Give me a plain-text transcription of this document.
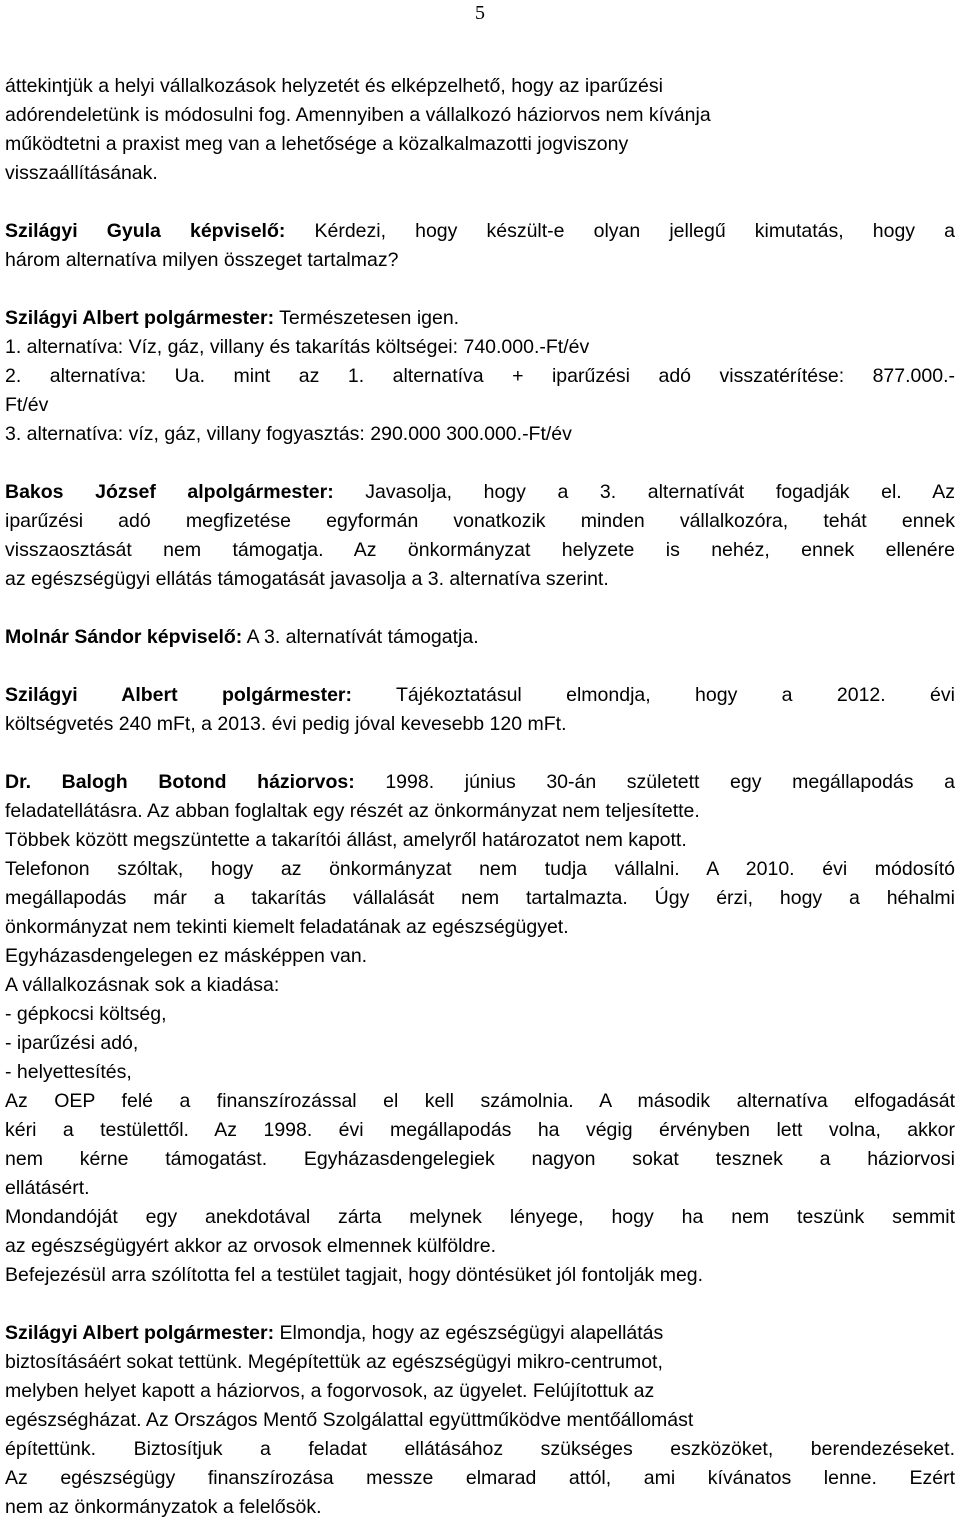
5
áttekintjük a helyi vállalkozások helyzetét és elképzelhető, hogy az iparűzési
adórendeletünk is módosulni fog. Amennyiben a vállalkozó háziorvos nem kívánja
működtetni a praxist meg van a lehetősége a közalkalmazotti jogviszony
visszaállításának.
Szilágyi Gyula képviselő: Kérdezi, hogy készült-e olyan jellegű kimutatás, hogy a
három alternatíva milyen összeget tartalmaz?
Szilágyi Albert polgármester: Természetesen igen.
1. alternatíva: Víz, gáz, villany és takarítás költségei: 740.000.-Ft/év
2. alternatíva: Ua. mint az 1. alternatíva + iparűzési adó visszatérítése: 877.000.-
Ft/év
3. alternatíva: víz, gáz, villany fogyasztás: 290.000 300.000.-Ft/év
Bakos József alpolgármester: Javasolja, hogy a 3. alternatívát fogadják el. Az
iparűzési adó megfizetése egyformán vonatkozik minden vállalkozóra, tehát ennek
visszaosztását nem támogatja. Az önkormányzat helyzete is nehéz, ennek ellenére
az egészségügyi ellátás támogatását javasolja a 3. alternatíva szerint.
Molnár Sándor képviselő: A 3. alternatívát támogatja.
Szilágyi Albert polgármester: Tájékoztatásul elmondja, hogy a 2012. évi
költségvetés 240 mFt, a 2013. évi pedig jóval kevesebb 120 mFt.
Dr. Balogh Botond háziorvos: 1998. június 30-án született egy megállapodás a
feladatellátásra. Az abban foglaltak egy részét az önkormányzat nem teljesítette.
Többek között megszüntette a takarítói állást, amelyről határozatot nem kapott.
Telefonon szóltak, hogy az önkormányzat nem tudja vállalni. A 2010. évi módosító
megállapodás már a takarítás vállalását nem tartalmazta. Úgy érzi, hogy a héhalmi
önkormányzat nem tekinti kiemelt feladatának az egészségügyet.
Egyházasdengelegen ez másképpen van.
A vállalkozásnak sok a kiadása:
- gépkocsi költség,
- iparűzési adó,
- helyettesítés,
Az OEP felé a finanszírozással el kell számolnia. A második alternatíva elfogadását
kéri a testülettől. Az 1998. évi megállapodás ha végig érvényben lett volna, akkor
nem kérne támogatást. Egyházasdengelegiek nagyon sokat tesznek a háziorvosi
ellátásért.
Mondandóját egy anekdotával zárta melynek lényege, hogy ha nem teszünk semmit
az egészségügyért akkor az orvosok elmennek külföldre.
Befejezésül arra szólította fel a testület tagjait, hogy döntésüket jól fontolják meg.
Szilágyi Albert polgármester: Elmondja, hogy az egészségügyi alapellátás
biztosításáért sokat tettünk. Megépítettük az egészségügyi mikro-centrumot,
melyben helyet kapott a háziorvos, a fogorvosok, az ügyelet. Felújítottuk az
egészségházat. Az Országos Mentő Szolgálattal együttműködve mentőállomást
építettünk. Biztosítjuk a feladat ellátásához szükséges eszközöket, berendezéseket.
Az egészségügy finanszírozása messze elmarad attól, ami kívánatos lenne. Ezért
nem az önkormányzatok a felelősök.
